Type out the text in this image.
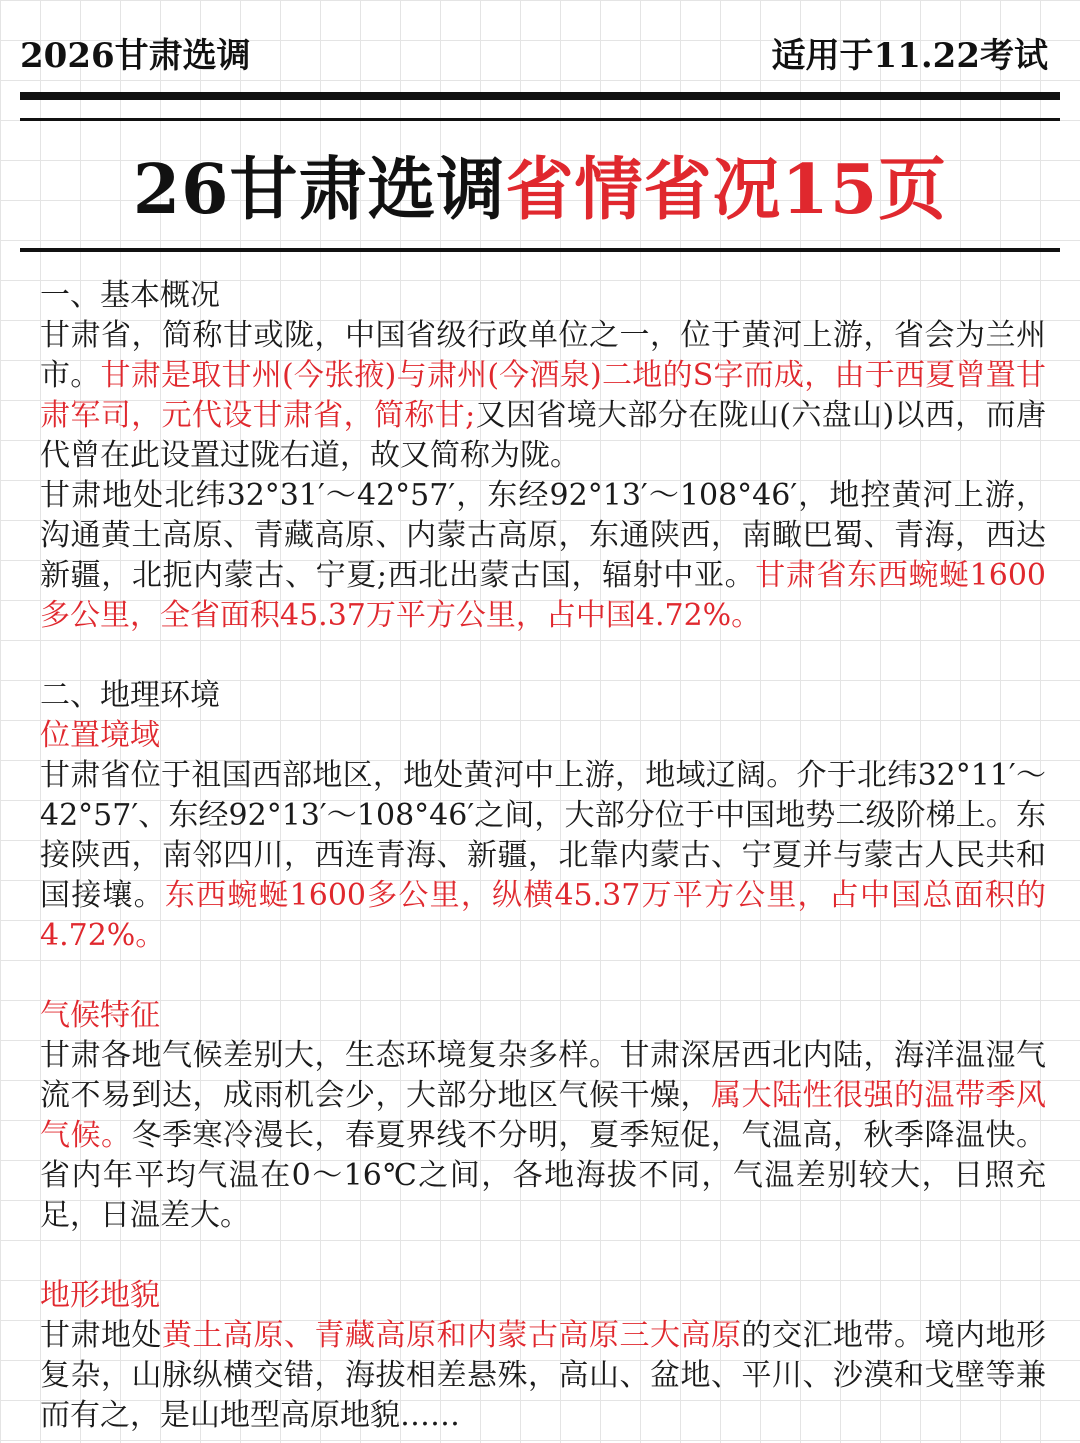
2026甘肃选调	适用于11.22考试
26甘肃选调省情省况15页

一、基本概况

甘肃省，简称甘或陇，中国省级行政单位之一，位于黄河上游，省会为兰州市。甘肃是取甘州(今张掖)与肃州(今酒泉)二地的S字而成，由于西夏曾置甘肃军司，元代设甘肃省，简称甘;又因省境大部分在陇山(六盘山)以西，而唐代曾在此设置过陇右道，故又简称为陇。

甘肃地处北纬32°31′～42°57′，东经92°13′～108°46′，地控黄河上游，沟通黄土高原、青藏高原、内蒙古高原，东通陕西，南瞰巴蜀、青海，西达新疆，北扼内蒙古、宁夏;西北出蒙古国，辐射中亚。甘肃省东西蜿蜒1600多公里，全省面积45.37万平方公里，占中国4.72%。

二、地理环境

位置境域

甘肃省位于祖国西部地区，地处黄河中上游，地域辽阔。介于北纬32°11′～42°57′、东经92°13′～108°46′之间，大部分位于中国地势二级阶梯上。东接陕西，南邻四川，西连青海、新疆，北靠内蒙古、宁夏并与蒙古人民共和国接壤。东西蜿蜒1600多公里，纵横45.37万平方公里，占中国总面积的4.72%。

气候特征

甘肃各地气候差别大，生态环境复杂多样。甘肃深居西北内陆，海洋温湿气流不易到达，成雨机会少，大部分地区气候干燥，属大陆性很强的温带季风气候。冬季寒冷漫长，春夏界线不分明，夏季短促，气温高，秋季降温快。省内年平均气温在0～16℃之间，各地海拔不同，气温差别较大，日照充足，日温差大。

地形地貌

甘肃地处黄土高原、青藏高原和内蒙古高原三大高原的交汇地带。境内地形复杂，山脉纵横交错，海拔相差悬殊，高山、盆地、平川、沙漠和戈壁等兼而有之，是山地型高原地貌……
